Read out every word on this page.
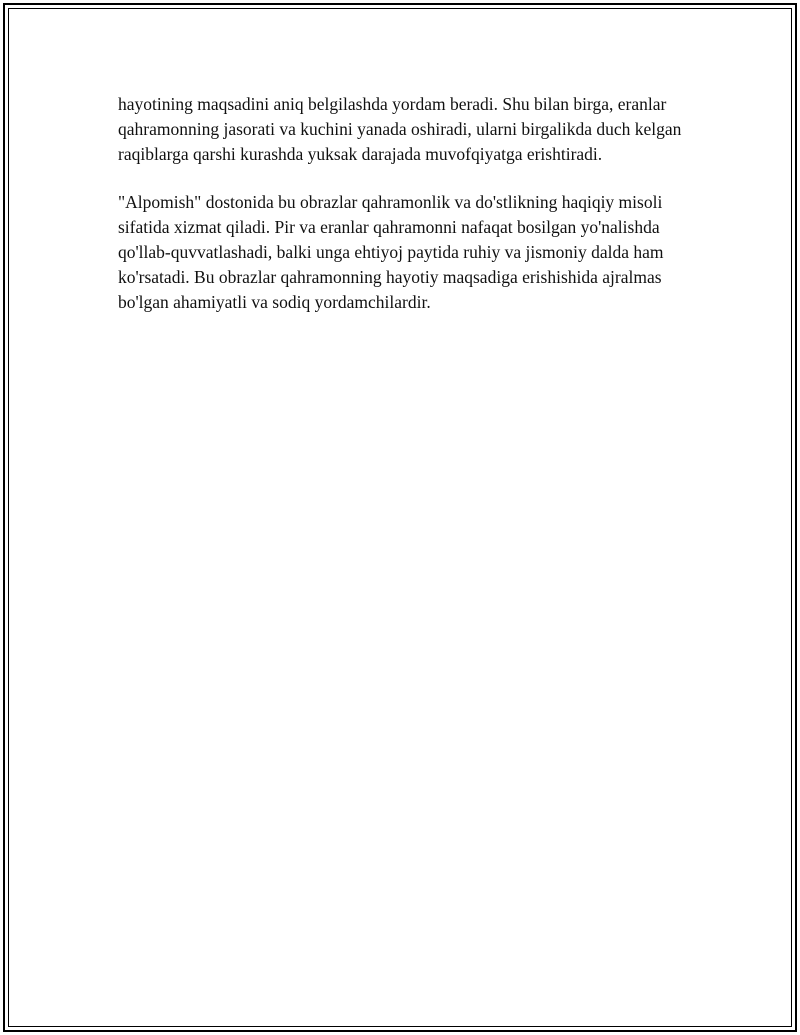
hayotining maqsadini aniq belgilashda yordam beradi. Shu bilan birga, eranlar qahramonning jasorati va kuchini yanada oshiradi, ularni birgalikda duch kelgan raqiblarga qarshi kurashda yuksak darajada muvofqiyatga erishtiradi.

"Alpomish" dostonida bu obrazlar qahramonlik va do'stlikning haqiqiy misoli sifatida xizmat qiladi. Pir va eranlar qahramonni nafaqat bosilgan yo'nalishda qo'llab-quvvatlashadi, balki unga ehtiyoj paytida ruhiy va jismoniy dalda ham ko'rsatadi. Bu obrazlar qahramonning hayotiy maqsadiga erishishida ajralmas bo'lgan ahamiyatli va sodiq yordamchilardir.
